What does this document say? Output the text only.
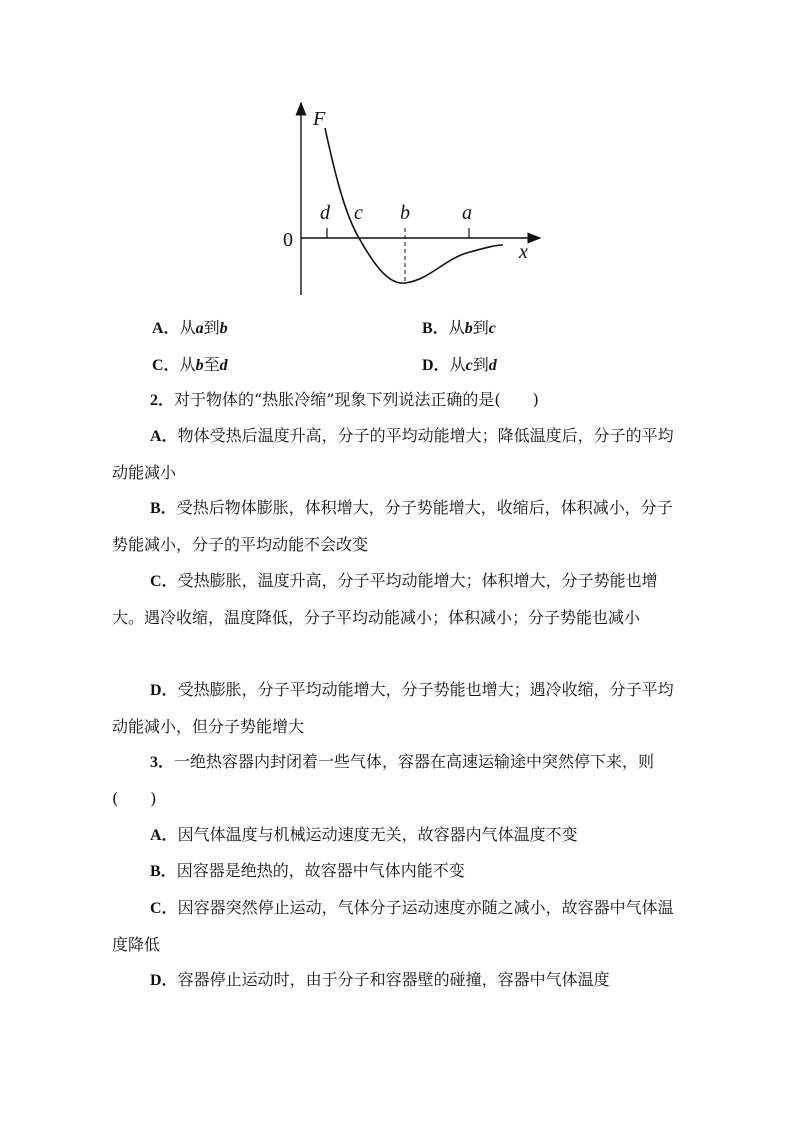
F
x
0
d c b	a
A．从a到b	B．从b到c
C．从b至d	D．从c到d
2．对于物体的“热胀冷缩”现象下列说法正确的是(　　)
A．物体受热后温度升高，分子的平均动能增大；降低温度后，分子的平均动能减小
B．受热后物体膨胀，体积增大，分子势能增大，收缩后，体积减小，分子势能减小，分子的平均动能不会改变
C．受热膨胀，温度升高，分子平均动能增大；体积增大，分子势能也增大。遇冷收缩，温度降低，分子平均动能减小；体积减小；分子势能也减小
D．受热膨胀，分子平均动能增大，分子势能也增大；遇冷收缩，分子平均动能减小，但分子势能增大
3．一绝热容器内封闭着一些气体，容器在高速运输途中突然停下来，则(　　)
A．因气体温度与机械运动速度无关，故容器内气体温度不变
B．因容器是绝热的，故容器中气体内能不变
C．因容器突然停止运动，气体分子运动速度亦随之减小，故容器中气体温度降低
D．容器停止运动时，由于分子和容器壁的碰撞，容器中气体温度
